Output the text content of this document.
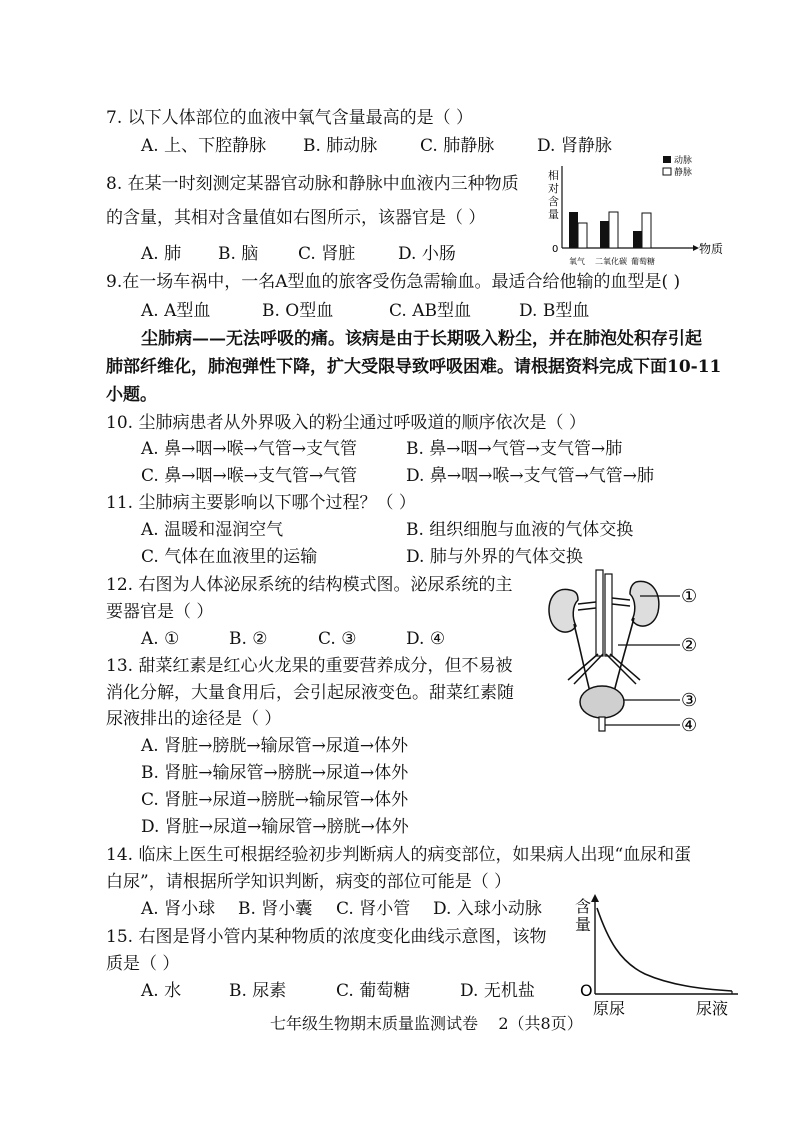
7. 以下人体部位的血液中氧气含量最高的是（ ）
A. 上、下腔静脉 B. 肺动脉	C. 肺静脉	D. 肾静脉
8. 在某一时刻测定某器官动脉和静脉中血液内三种物质
的含量，其相对含量值如右图所示，该器官是（ ）
A. 肺 B. 脑 C. 肾脏	D. 小肠
相
对
含
量
0	物质
氧气 二氧化碳 葡萄糖
动脉
静脉
9.在一场车祸中，一名A型血的旅客受伤急需输血。最适合给他输的血型是( )
A. A型血	B. O型血	C. AB型血	D. B型血
尘肺病——无法呼吸的痛。该病是由于长期吸入粉尘，并在肺泡处积存引起
肺部纤维化，肺泡弹性下降，扩大受限导致呼吸困难。请根据资料完成下面10-11
小题。
10. 尘肺病患者从外界吸入的粉尘通过呼吸道的顺序依次是（ ）
A. 鼻→咽→喉→气管→支气管	B. 鼻→咽→气管→支气管→肺
C. 鼻→咽→喉→支气管→气管	D. 鼻→咽→喉→支气管→气管→肺
11. 尘肺病主要影响以下哪个过程？（ ）
A. 温暖和湿润空气	B. 组织细胞与血液的气体交换
C. 气体在血液里的运输	D. 肺与外界的气体交换
12. 右图为人体泌尿系统的结构模式图。泌尿系统的主
要器官是（ ）
A. ①	B. ②	C. ③	D. ④
①
②
③
④
13. 甜菜红素是红心火龙果的重要营养成分，但不易被
消化分解，大量食用后，会引起尿液变色。甜菜红素随
尿液排出的途径是（ ）
A. 肾脏→膀胱→输尿管→尿道→体外
B. 肾脏→输尿管→膀胱→尿道→体外
C. 肾脏→尿道→膀胱→输尿管→体外
D. 肾脏→尿道→输尿管→膀胱→体外
14. 临床上医生可根据经验初步判断病人的病变部位，如果病人出现“血尿和蛋
白尿”，请根据所学知识判断，病变的部位可能是（ ）
A. 肾小球 B. 肾小囊 C. 肾小管 D. 入球小动脉
15. 右图是肾小管内某种物质的浓度变化曲线示意图，该物
质是（ ）
A. 水	B. 尿素	C. 葡萄糖	D. 无机盐
含
量
O
原尿	尿液
七年级生物期末质量监测试卷    2（共8页）
